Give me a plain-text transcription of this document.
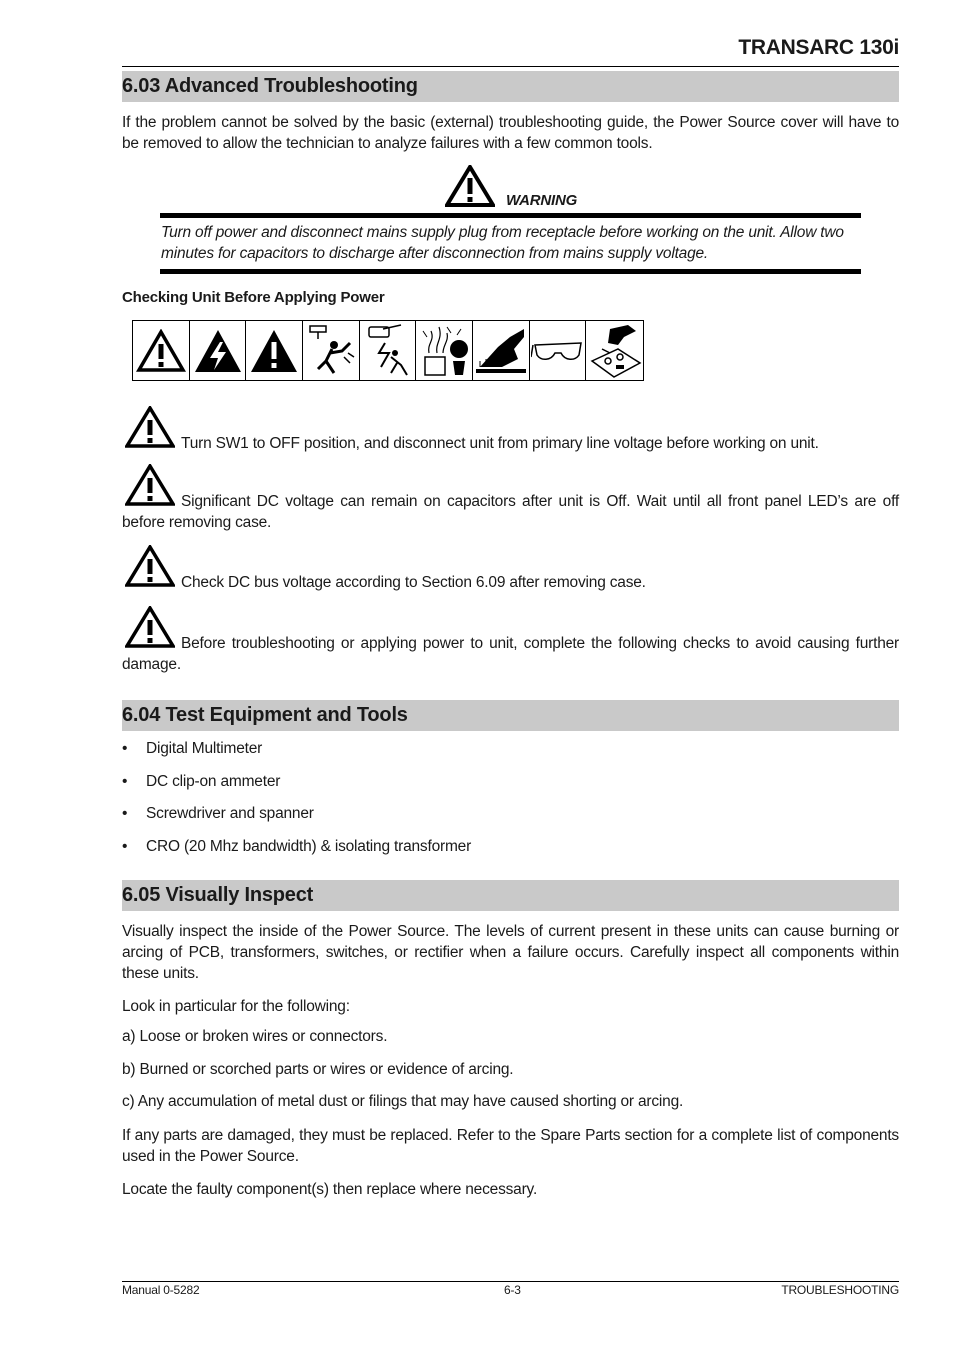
TRANSARC 130i
6.03 Advanced Troubleshooting
If the problem cannot be solved by the basic (external) troubleshooting guide, the Power Source cover will have to be removed to allow the technician to analyze failures with a few common tools.
WARNING
Turn off power and disconnect mains supply plug from receptacle before working on the unit. Allow two minutes for capacitors to discharge after disconnection from mains supply voltage.
Checking Unit Before Applying Power
Turn SW1 to OFF position, and disconnect unit from primary line voltage before working on unit.
Significant DC voltage can remain on capacitors after unit is Off. Wait until all front panel LED’s are off before removing case.
Check DC bus voltage according to Section 6.09 after removing case.
Before troubleshooting or applying power to unit, complete the following checks to avoid causing further damage.
6.04 Test Equipment and Tools
• Digital Multimeter
• DC clip-on ammeter
• Screwdriver and spanner
• CRO (20 Mhz bandwidth) & isolating transformer
6.05 Visually Inspect
Visually inspect the inside of the Power Source. The levels of current present in these units can cause burning or arcing of PCB, transformers, switches, or rectifier when a failure occurs. Carefully inspect all components within these units.
Look in particular for the following:
a) Loose or broken wires or connectors.
b) Burned or scorched parts or wires or evidence of arcing.
c) Any accumulation of metal dust or filings that may have caused shorting or arcing.
If any parts are damaged, they must be replaced. Refer to the Spare Parts section for a complete list of components used in the Power Source.
Locate the faulty component(s) then replace where necessary.
Manual 0-5282	6-3	TROUBLESHOOTING
